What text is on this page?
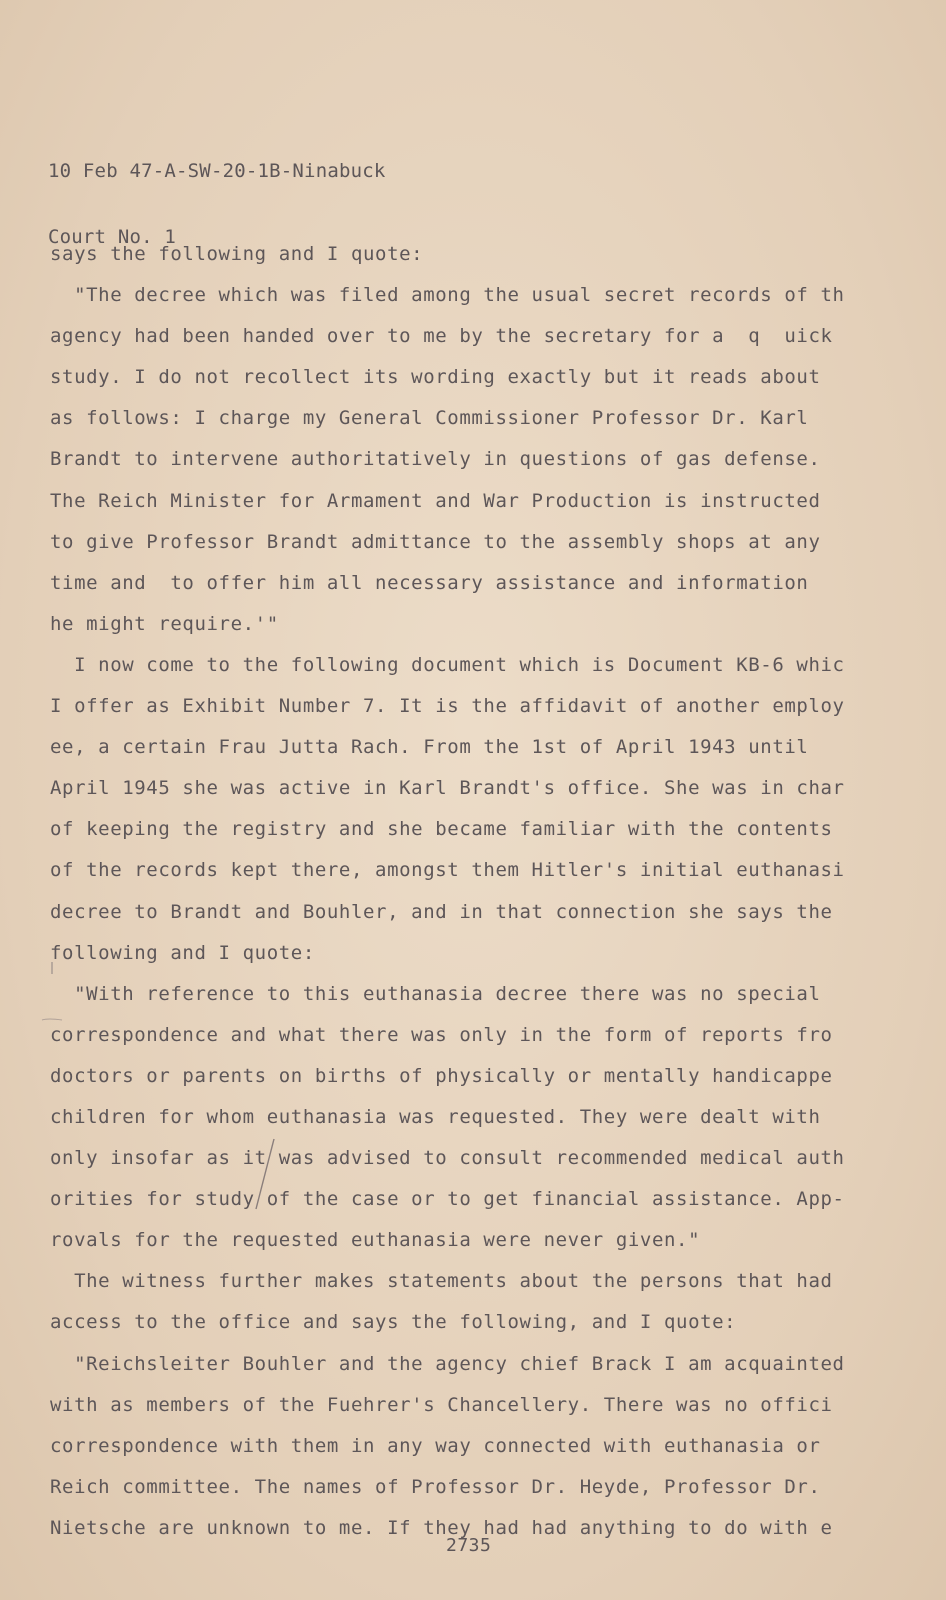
10 Feb 47-A-SW-20-1B-Ninabuck

Court No. 1

says the following and I quote:
"The decree which was filed among the usual secret records of th
agency had been handed over to me by the secretary for a  q  uick
study. I do not recollect its wording exactly but it reads about
as follows: I charge my General Commissioner Professor Dr. Karl
Brandt to intervene authoritatively in questions of gas defense.
The Reich Minister for Armament and War Production is instructed
to give Professor Brandt admittance to the assembly shops at any
time and  to offer him all necessary assistance and information
he might require.'"
I now come to the following document which is Document KB-6 whic
I offer as Exhibit Number 7. It is the affidavit of another employ
ee, a certain Frau Jutta Rach. From the 1st of April 1943 until
April 1945 she was active in Karl Brandt's office. She was in char
of keeping the registry and she became familiar with the contents
of the records kept there, amongst them Hitler's initial euthanasi
decree to Brandt and Bouhler, and in that connection she says the
following and I quote:
"With reference to this euthanasia decree there was no special
correspondence and what there was only in the form of reports fro
doctors or parents on births of physically or mentally handicappe
children for whom euthanasia was requested. They were dealt with
only insofar as it was advised to consult recommended medical auth
orities for study of the case or to get financial assistance. App-
rovals for the requested euthanasia were never given."
The witness further makes statements about the persons that had
access to the office and says the following, and I quote:
"Reichsleiter Bouhler and the agency chief Brack I am acquainted
with as members of the Fuehrer's Chancellery. There was no offici
correspondence with them in any way connected with euthanasia or
Reich committee. The names of Professor Dr. Heyde, Professor Dr.
Nietsche are unknown to me. If they had had anything to do with e
2735
